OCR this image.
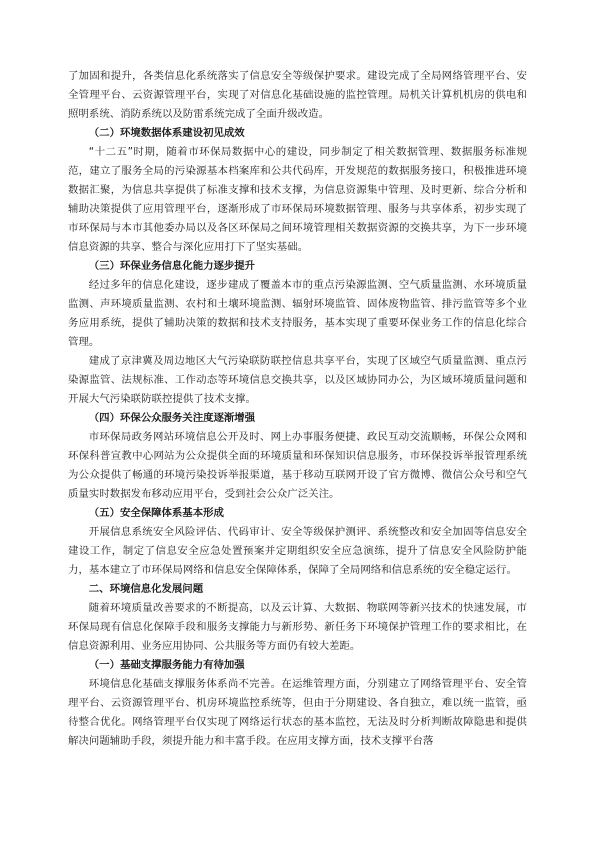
了加固和提升，各类信息化系统落实了信息安全等级保护要求。建设完成了全局网络管理平台、安全管理平台、云资源管理平台，实现了对信息化基础设施的监控管理。局机关计算机机房的供电和照明系统、消防系统以及防雷系统完成了全面升级改造。

（二）环境数据体系建设初见成效

“十二五”时期，随着市环保局数据中心的建设，同步制定了相关数据管理、数据服务标准规范，建立了服务全局的污染源基本档案库和公共代码库，开发规范的数据服务接口，积极推进环境数据汇聚，为信息共享提供了标准支撑和技术支撑，为信息资源集中管理、及时更新、综合分析和辅助决策提供了应用管理平台，逐渐形成了市环保局环境数据管理、服务与共享体系，初步实现了市环保局与本市其他委办局以及各区环保局之间环境管理相关数据资源的交换共享，为下一步环境信息资源的共享、整合与深化应用打下了坚实基础。

（三）环保业务信息化能力逐步提升

经过多年的信息化建设，逐步建成了覆盖本市的重点污染源监测、空气质量监测、水环境质量监测、声环境质量监测、农村和土壤环境监测、辐射环境监管、固体废物监管、排污监管等多个业务应用系统，提供了辅助决策的数据和技术支持服务，基本实现了重要环保业务工作的信息化综合管理。

建成了京津冀及周边地区大气污染联防联控信息共享平台，实现了区域空气质量监测、重点污染源监管、法规标准、工作动态等环境信息交换共享，以及区域协同办公，为区域环境质量问题和开展大气污染联防联控提供了技术支撑。

（四）环保公众服务关注度逐渐增强

市环保局政务网站环境信息公开及时、网上办事服务便捷、政民互动交流顺畅，环保公众网和环保科普宣教中心网站为公众提供全面的环境质量和环保知识信息服务，市环保投诉举报管理系统为公众提供了畅通的环境污染投诉举报渠道，基于移动互联网开设了官方微博、微信公众号和空气质量实时数据发布移动应用平台，受到社会公众广泛关注。

（五）安全保障体系基本形成

开展信息系统安全风险评估、代码审计、安全等级保护测评、系统整改和安全加固等信息安全建设工作，制定了信息安全应急处置预案并定期组织安全应急演练，提升了信息安全风险防护能力，基本建立了市环保局网络和信息安全保障体系，保障了全局网络和信息系统的安全稳定运行。

二、环境信息化发展问题

随着环境质量改善要求的不断提高，以及云计算、大数据、物联网等新兴技术的快速发展，市环保局现有信息化保障手段和服务支撑能力与新形势、新任务下环境保护管理工作的要求相比，在信息资源利用、业务应用协同、公共服务等方面仍有较大差距。

（一）基础支撑服务能力有待加强

环境信息化基础支撑服务体系尚不完善。在运维管理方面，分别建立了网络管理平台、安全管理平台、云资源管理平台、机房环境监控系统等，但由于分期建设、各自独立，难以统一监管，亟待整合优化。网络管理平台仅实现了网络运行状态的基本监控，无法及时分析判断故障隐患和提供解决问题辅助手段，须提升能力和丰富手段。在应用支撑方面，技术支撑平台落
